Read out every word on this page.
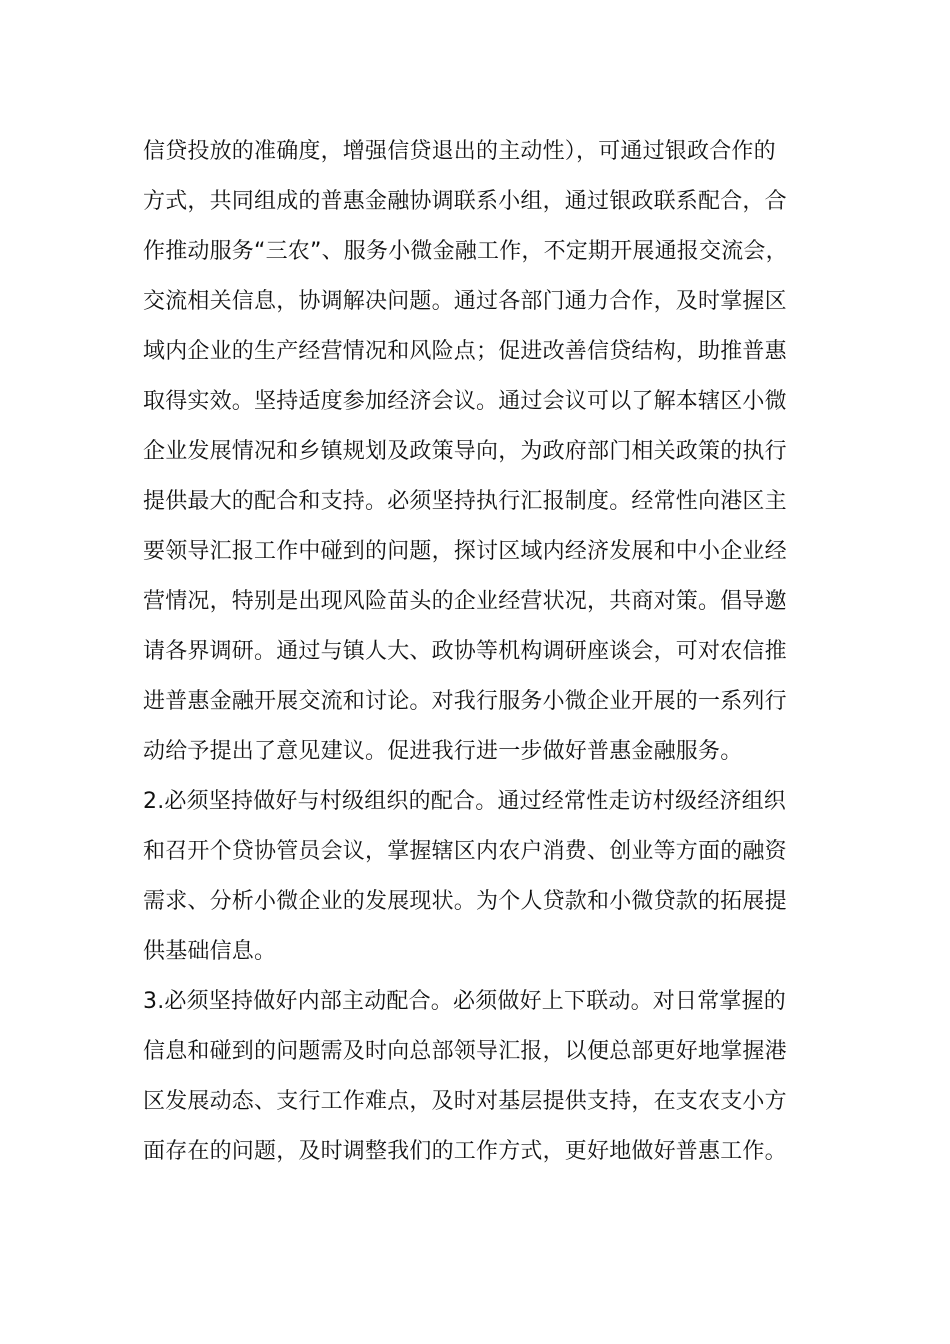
信贷投放的准确度，增强信贷退出的主动性），可通过银政合作的
方式，共同组成的普惠金融协调联系小组，通过银政联系配合，合
作推动服务“三农”、服务小微金融工作，不定期开展通报交流会，
交流相关信息，协调解决问题。通过各部门通力合作，及时掌握区
域内企业的生产经营情况和风险点；促进改善信贷结构，助推普惠
取得实效。坚持适度参加经济会议。通过会议可以了解本辖区小微
企业发展情况和乡镇规划及政策导向，为政府部门相关政策的执行
提供最大的配合和支持。必须坚持执行汇报制度。经常性向港区主
要领导汇报工作中碰到的问题，探讨区域内经济发展和中小企业经
营情况，特别是出现风险苗头的企业经营状况，共商对策。倡导邀
请各界调研。通过与镇人大、政协等机构调研座谈会，可对农信推
进普惠金融开展交流和讨论。对我行服务小微企业开展的一系列行
动给予提出了意见建议。促进我行进一步做好普惠金融服务。
2.必须坚持做好与村级组织的配合。通过经常性走访村级经济组织
和召开个贷协管员会议，掌握辖区内农户消费、创业等方面的融资
需求、分析小微企业的发展现状。为个人贷款和小微贷款的拓展提
供基础信息。
3.必须坚持做好内部主动配合。必须做好上下联动。对日常掌握的
信息和碰到的问题需及时向总部领导汇报，以便总部更好地掌握港
区发展动态、支行工作难点，及时对基层提供支持，在支农支小方
面存在的问题，及时调整我们的工作方式，更好地做好普惠工作。
